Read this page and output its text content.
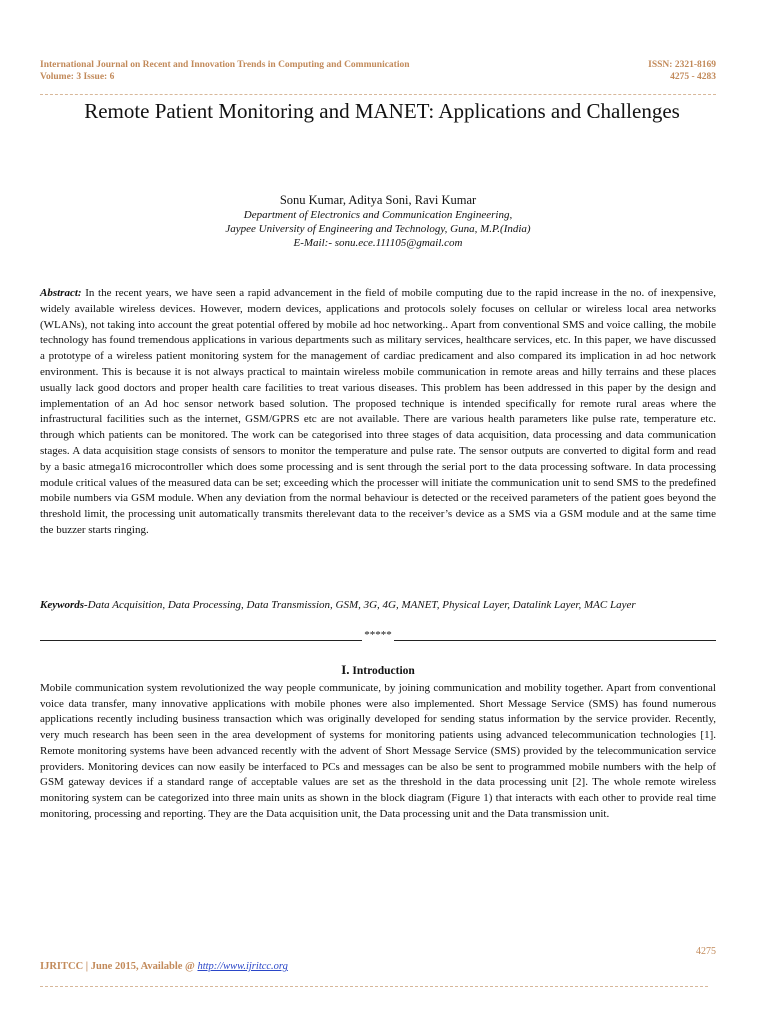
International Journal on Recent and Innovation Trends in Computing and Communication
Volume: 3 Issue: 6
ISSN: 2321-8169
4275 - 4283
Remote Patient Monitoring and MANET: Applications and Challenges
Sonu Kumar, Aditya Soni, Ravi Kumar
Department of Electronics and Communication Engineering,
Jaypee University of Engineering and Technology, Guna, M.P.(India)
E-Mail:- sonu.ece.111105@gmail.com
Abstract: In the recent years, we have seen a rapid advancement in the field of mobile computing due to the rapid increase in the no. of inexpensive, widely available wireless devices. However, modern devices, applications and protocols solely focuses on cellular or wireless local area networks (WLANs), not taking into account the great potential offered by mobile ad hoc networking.. Apart from conventional SMS and voice calling, the mobile technology has found tremendous applications in various departments such as military services, healthcare services, etc. In this paper, we have discussed a prototype of a wireless patient monitoring system for the management of cardiac predicament and also compared its implication in ad hoc network environment. This is because it is not always practical to maintain wireless mobile communication in remote areas and hilly terrains and these places usually lack good doctors and proper health care facilities to treat various diseases. This problem has been addressed in this paper by the design and implementation of an Ad hoc sensor network based solution. The proposed technique is intended specifically for remote rural areas where the infrastructural facilities such as the internet, GSM/GPRS etc are not available. There are various health parameters like pulse rate, temperature etc. through which patients can be monitored. The work can be categorised into three stages of data acquisition, data processing and data communication stages. A data acquisition stage consists of sensors to monitor the temperature and pulse rate. The sensor outputs are converted to digital form and read by a basic atmega16 microcontroller which does some processing and is sent through the serial port to the data processing software. In data processing module critical values of the measured data can be set; exceeding which the processer will initiate the communication unit to send SMS to the predefined mobile numbers via GSM module. When any deviation from the normal behaviour is detected or the received parameters of the patient goes beyond the threshold limit, the processing unit automatically transmits therelevant data to the receiver’s device as a SMS via a GSM module and at the same time the buzzer starts ringing.
Keywords-Data Acquisition, Data Processing, Data Transmission, GSM, 3G, 4G, MANET, Physical Layer, Datalink Layer, MAC Layer
*****
I. Introduction
Mobile communication system revolutionized the way people communicate, by joining communication and mobility together. Apart from conventional voice data transfer, many innovative applications with mobile phones were also implemented. Short Message Service (SMS) has found numerous applications recently including business transaction which was originally developed for sending status information by the service provider. Recently, very much research has been seen in the area development of systems for monitoring patients using advanced telecommunication technologies [1]. Remote monitoring systems have been advanced recently with the advent of Short Message Service (SMS) provided by the telecommunication service providers. Monitoring devices can now easily be interfaced to PCs and messages can be also be sent to programmed mobile numbers with the help of GSM gateway devices if a standard range of acceptable values are set as the threshold in the data processing unit [2]. The whole remote wireless monitoring system can be categorized into three main units as shown in the block diagram (Figure 1) that interacts with each other to provide real time monitoring, processing and reporting. They are the Data acquisition unit, the Data processing unit and the Data transmission unit.
4275
IJRITCC | June 2015, Available @ http://www.ijritcc.org
